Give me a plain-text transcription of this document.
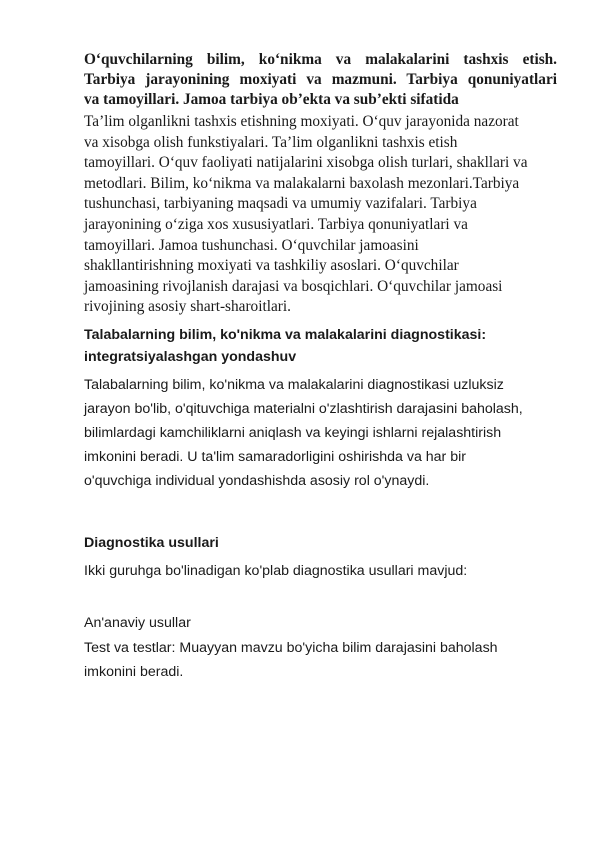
O‘quvchilarning bilim, ko‘nikma va malakalarini tashxis etish.
Tarbiya jarayonining moxiyati va mazmuni. Tarbiya qonuniyatlari
va tamoyillari. Jamoa tarbiya ob’ekta va sub’ekti sifatida

Ta’lim olganlikni tashxis etishning moxiyati. O‘quv jarayonida nazorat
va xisobga olish funkstiyalari. Ta’lim olganlikni tashxis etish
tamoyillari. O‘quv faoliyati natijalarini xisobga olish turlari, shakllari va
metodlari. Bilim, ko‘nikma va malakalarni baxolash mezonlari.Tarbiya
tushunchasi, tarbiyaning maqsadi va umumiy vazifalari. Tarbiya
jarayonining o‘ziga xos xususiyatlari. Tarbiya qonuniyatlari va
tamoyillari. Jamoa tushunchasi. O‘quvchilar jamoasini
shakllantirishning moxiyati va tashkiliy asoslari. O‘quvchilar
jamoasining rivojlanish darajasi va bosqichlari. O‘quvchilar jamoasi
rivojining asosiy shart-sharoitlari.

Talabalarning bilim, ko'nikma va malakalarini diagnostikasi:
integratsiyalashgan yondashuv

Talabalarning bilim, ko'nikma va malakalarini diagnostikasi uzluksiz
jarayon bo'lib, o'qituvchiga materialni o'zlashtirish darajasini baholash,
bilimlardagi kamchiliklarni aniqlash va keyingi ishlarni rejalashtirish
imkonini beradi. U ta'lim samaradorligini oshirishda va har bir
o'quvchiga individual yondashishda asosiy rol o'ynaydi.

Diagnostika usullari

Ikki guruhga bo'linadigan ko'plab diagnostika usullari mavjud:

An'anaviy usullar

Test va testlar: Muayyan mavzu bo'yicha bilim darajasini baholash
imkonini beradi.
